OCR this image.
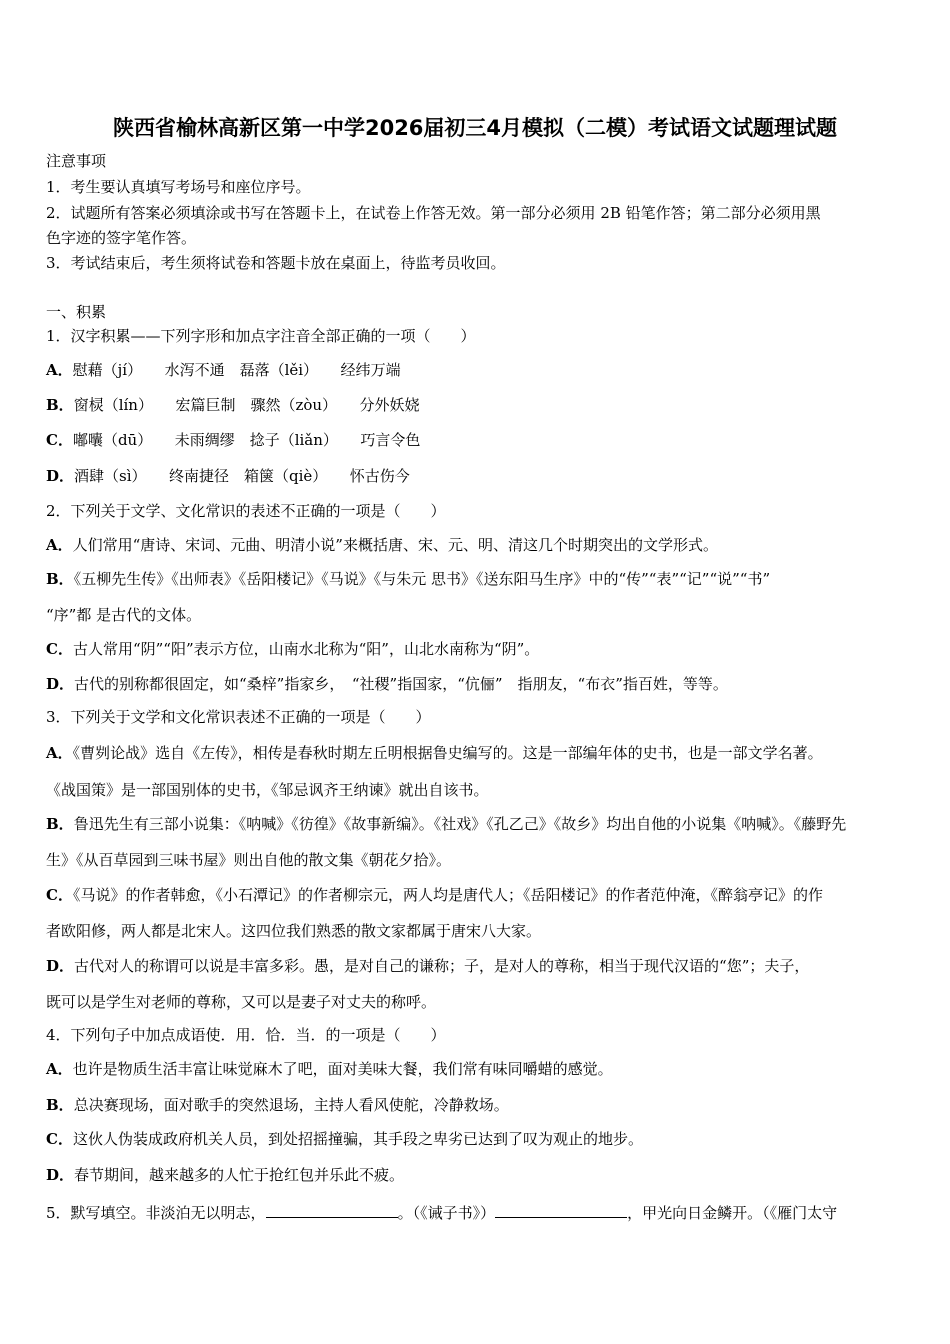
陕西省榆林高新区第一中学2026届初三4月模拟（二模）考试语文试题理试题
注意事项
1．考生要认真填写考场号和座位序号。
2．试题所有答案必须填涂或书写在答题卡上，在试卷上作答无效。第一部分必须用 2B 铅笔作答；第二部分必须用黑
色字迹的签字笔作答。
3．考试结束后，考生须将试卷和答题卡放在桌面上，待监考员收回。
一、积累
1．汉字积累——下列字形和加点字注音全部正确的一项（　　）
A．慰藉（jí）　　水泻不通　磊落（lěi）　　经纬万端
B．窗棂（lín）　　宏篇巨制　骤然（zòu）　　分外妖娆
C．嘟囔（dū）　　未雨绸缪　捻子（liǎn）　　巧言令色
D．酒肆（sì）　　终南捷径　箱箧（qiè）　　怀古伤今
2．下列关于文学、文化常识的表述不正确的一项是（　　）
A．人们常用“唐诗、宋词、元曲、明清小说”来概括唐、宋、元、明、清这几个时期突出的文学形式。
B．《五柳先生传》《出师表》《岳阳楼记》《马说》《与朱元 思书》《送东阳马生序》中的“传”“表”“记”“说”“书”
“序”都 是古代的文体。
C．古人常用“阴”“阳”表示方位，山南水北称为“阳”，山北水南称为“阴”。
D．古代的别称都很固定，如“桑梓”指家乡，　“社稷”指国家，“伉俪”　指朋友，“布衣”指百姓，等等。
3．下列关于文学和文化常识表述不正确的一项是（　　）
A．《曹刿论战》选自《左传》，相传是春秋时期左丘明根据鲁史编写的。这是一部编年体的史书，也是一部文学名著。
《战国策》是一部国别体的史书，《邹忌讽齐王纳谏》就出自该书。
B．鲁迅先生有三部小说集：《呐喊》《彷徨》《故事新编》。《社戏》《孔乙己》《故乡》均出自他的小说集《呐喊》。《藤野先
生》《从百草园到三味书屋》则出自他的散文集《朝花夕拾》。
C．《马说》的作者韩愈，《小石潭记》的作者柳宗元，两人均是唐代人；《岳阳楼记》的作者范仲淹，《醉翁亭记》的作
者欧阳修，两人都是北宋人。这四位我们熟悉的散文家都属于唐宋八大家。
D．古代对人的称谓可以说是丰富多彩。愚，是对自己的谦称；子，是对人的尊称，相当于现代汉语的“您”；夫子，
既可以是学生对老师的尊称，又可以是妻子对丈夫的称呼。
4．下列句子中加点成语使．用．恰．当．的一项是（　　）
A．也许是物质生活丰富让味觉麻木了吧，面对美味大餐，我们常有味同嚼蜡的感觉。
B．总决赛现场，面对歌手的突然退场，主持人看风使舵，冷静救场。
C．这伙人伪装成政府机关人员，到处招摇撞骗，其手段之卑劣已达到了叹为观止的地步。
D．春节期间，越来越多的人忙于抢红包并乐此不疲。
5．默写填空。非淡泊无以明志，	。（《诫子书》）	，甲光向日金鳞开。（《雁门太守
